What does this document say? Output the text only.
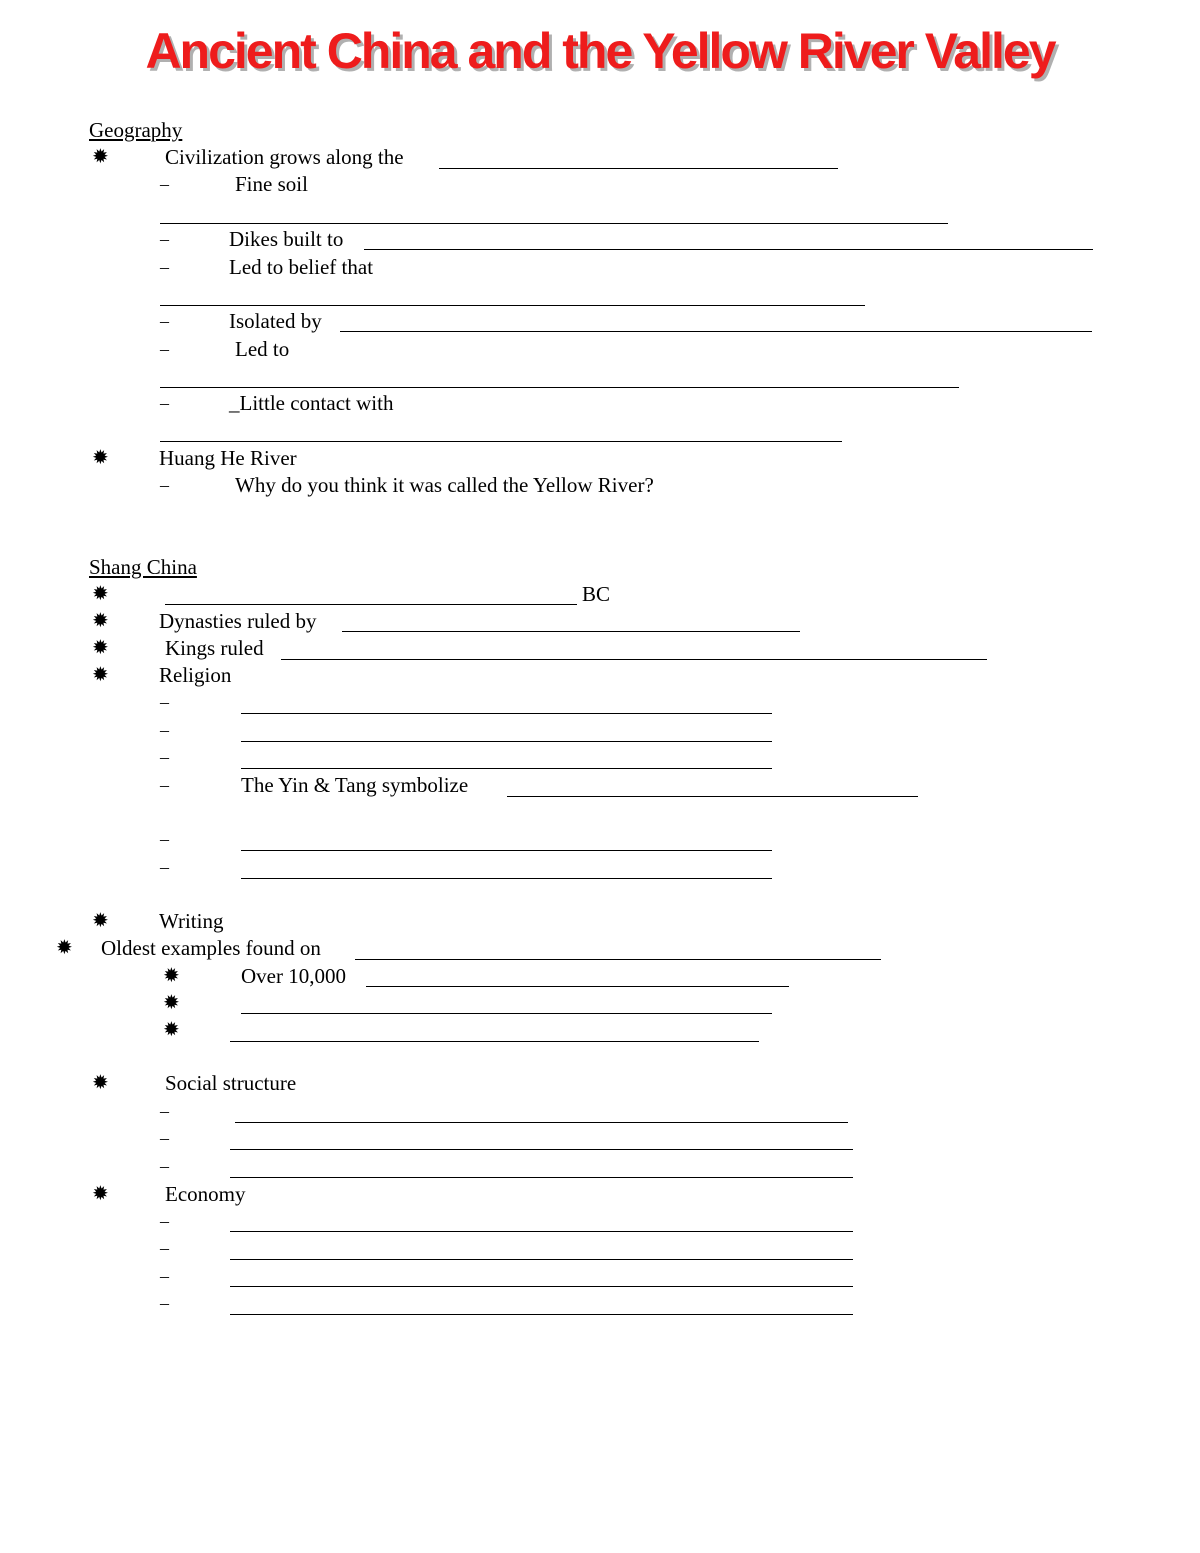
Ancient China and the Yellow River Valley
Geography
✹	Civilization grows along the
–	Fine soil
–	Dikes built to
–	Led to belief that
–	Isolated by
–	Led to
–	_Little contact with
✹ Huang He River
–	Why do you think it was called the Yellow River?
Shang China
✹	BC
✹ Dynasties ruled by
✹	Kings ruled
✹ Religion
–
–
–
–	The Yin & Tang symbolize
–
–
✹ Writing
✹ Oldest examples found on
✹	Over 10,000
✹
✹
✹	Social structure
–
–
–
✹	Economy
–
–
–
–
